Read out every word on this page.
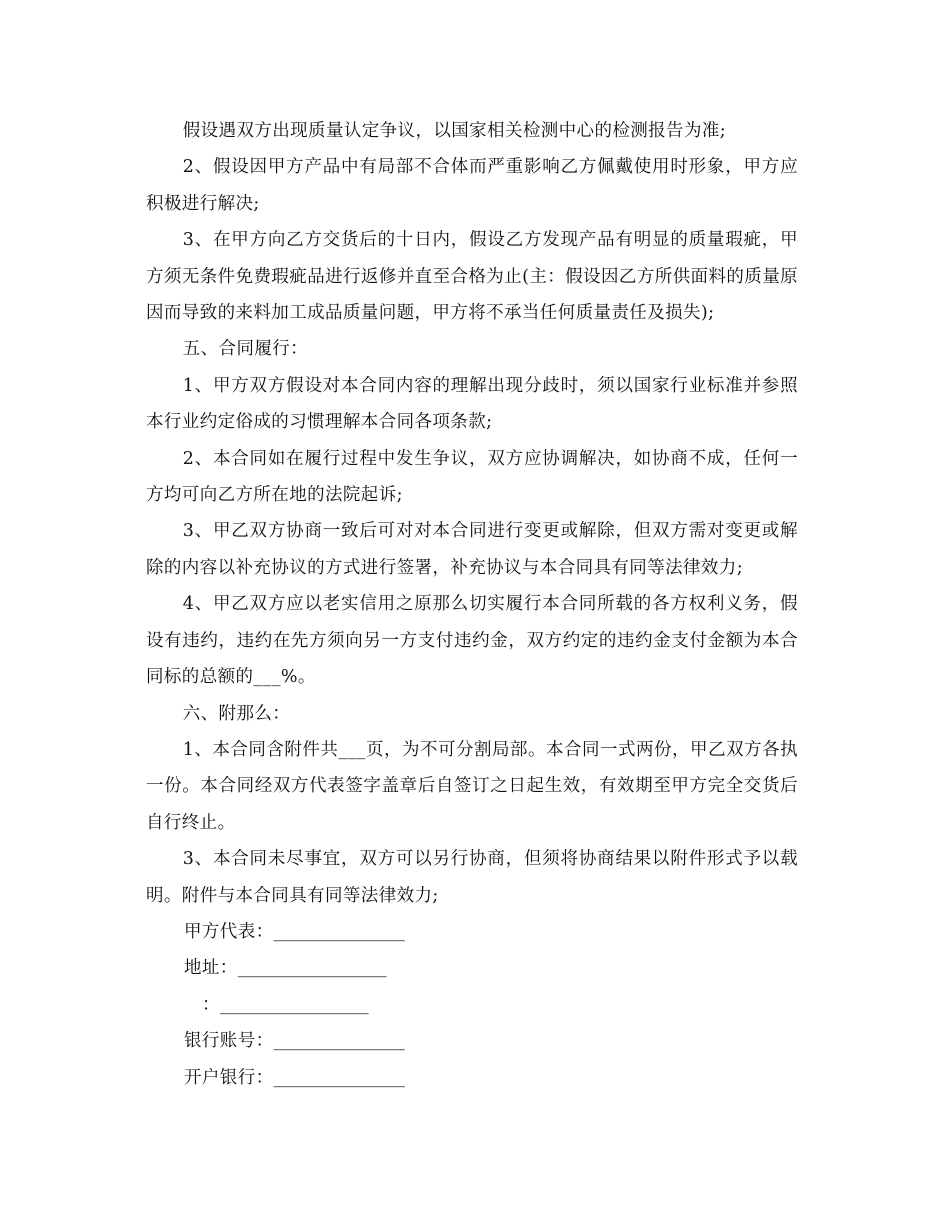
假设遇双方出现质量认定争议，以国家相关检测中心的检测报告为准;

2、假设因甲方产品中有局部不合体而严重影响乙方佩戴使用时形象，甲方应积极进行解决;

3、在甲方向乙方交货后的十日内，假设乙方发现产品有明显的质量瑕疵，甲方须无条件免费瑕疵品进行返修并直至合格为止(主：假设因乙方所供面料的质量原因而导致的来料加工成品质量问题，甲方将不承当任何质量责任及损失);

五、合同履行：

1、甲方双方假设对本合同内容的理解出现分歧时，须以国家行业标准并参照本行业约定俗成的习惯理解本合同各项条款;

2、本合同如在履行过程中发生争议，双方应协调解决，如协商不成，任何一方均可向乙方所在地的法院起诉;

3、甲乙双方协商一致后可对对本合同进行变更或解除，但双方需对变更或解除的内容以补充协议的方式进行签署，补充协议与本合同具有同等法律效力;

4、甲乙双方应以老实信用之原那么切实履行本合同所载的各方权利义务，假设有违约，违约在先方须向另一方支付违约金，双方约定的违约金支付金额为本合同标的总额的___%。

六、附那么：

1、本合同含附件共___页，为不可分割局部。本合同一式两份，甲乙双方各执一份。本合同经双方代表签字盖章后自签订之日起生效，有效期至甲方完全交货后自行终止。

3、本合同未尽事宜，双方可以另行协商，但须将协商结果以附件形式予以载明。附件与本合同具有同等法律效力;

甲方代表：_______________
地址：_________________
：_________________
银行账号：_______________
开户银行：_______________
